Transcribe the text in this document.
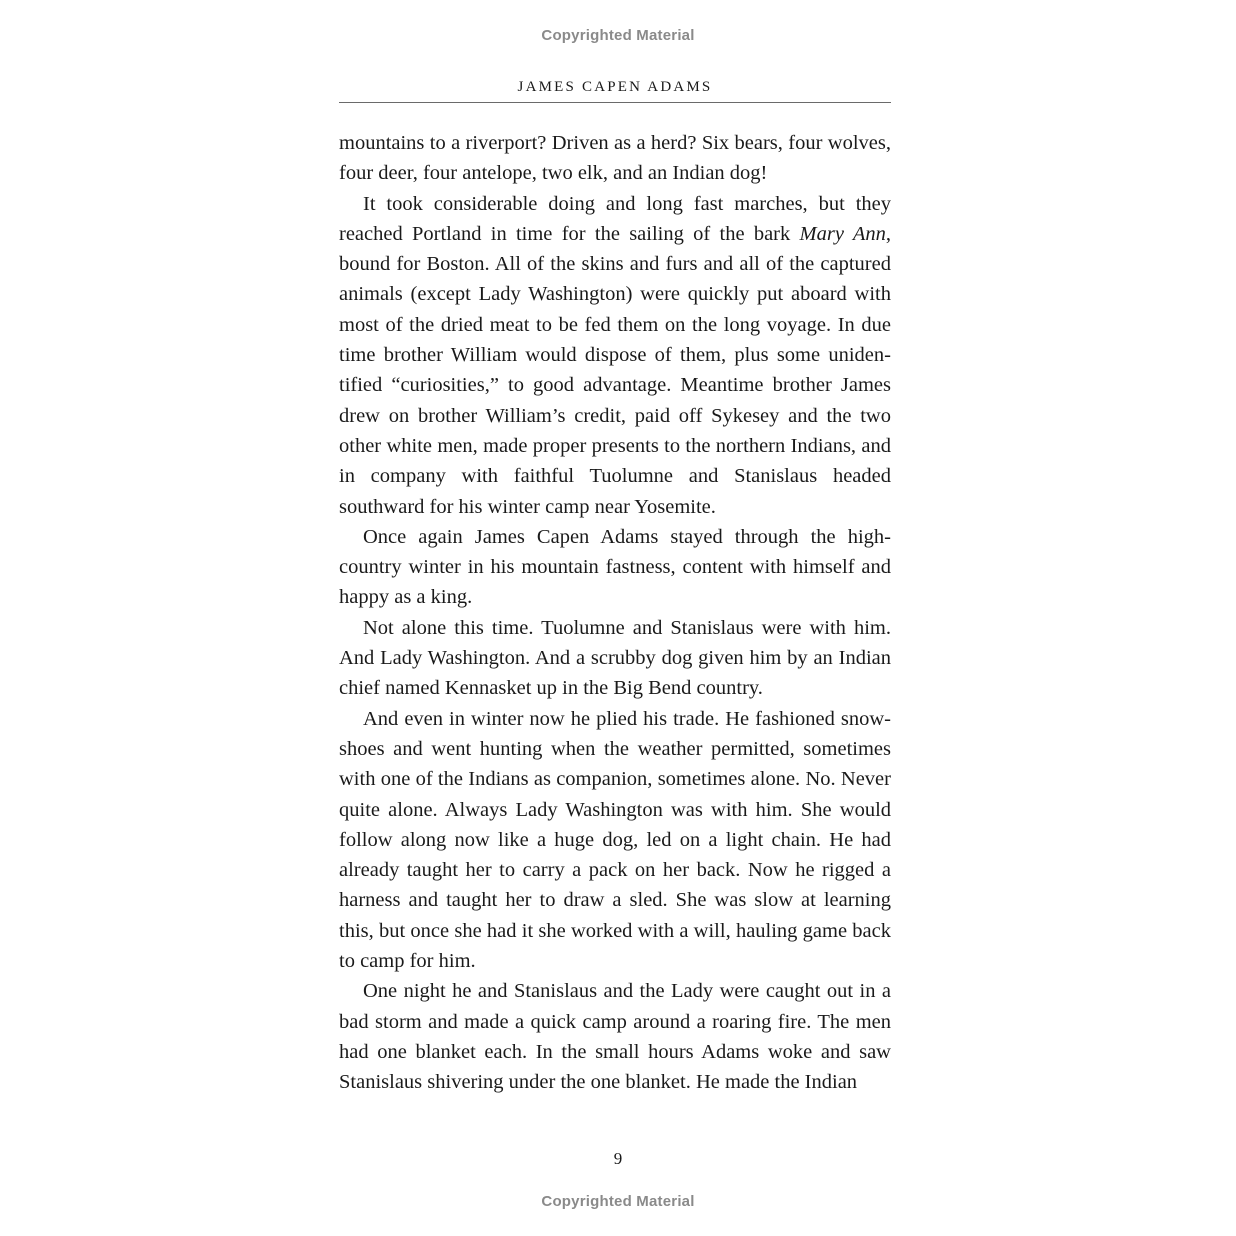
Copyrighted Material
JAMES CAPEN ADAMS

mountains to a riverport? Driven as a herd? Six bears, four wolves, four deer, four antelope, two elk, and an Indian dog!

It took considerable doing and long fast marches, but they reached Portland in time for the sailing of the bark Mary Ann, bound for Boston. All of the skins and furs and all of the captured animals (except Lady Washington) were quickly put aboard with most of the dried meat to be fed them on the long voyage. In due time brother William would dispose of them, plus some uniden-tified “curiosities,” to good advantage. Meantime brother James drew on brother William’s credit, paid off Sykesey and the two other white men, made proper presents to the northern Indians, and in company with faithful Tuolumne and Stanislaus headed southward for his winter camp near Yosemite.

Once again James Capen Adams stayed through the high-country winter in his mountain fastness, content with himself and happy as a king.

Not alone this time. Tuolumne and Stanislaus were with him. And Lady Washington. And a scrubby dog given him by an Indian chief named Kennasket up in the Big Bend country.

And even in winter now he plied his trade. He fashioned snow-shoes and went hunting when the weather permitted, sometimes with one of the Indians as companion, sometimes alone. No. Never quite alone. Always Lady Washington was with him. She would follow along now like a huge dog, led on a light chain. He had already taught her to carry a pack on her back. Now he rigged a harness and taught her to draw a sled. She was slow at learning this, but once she had it she worked with a will, hauling game back to camp for him.

One night he and Stanislaus and the Lady were caught out in a bad storm and made a quick camp around a roaring fire. The men had one blanket each. In the small hours Adams woke and saw Stanislaus shivering under the one blanket. He made the Indian

9
Copyrighted Material
